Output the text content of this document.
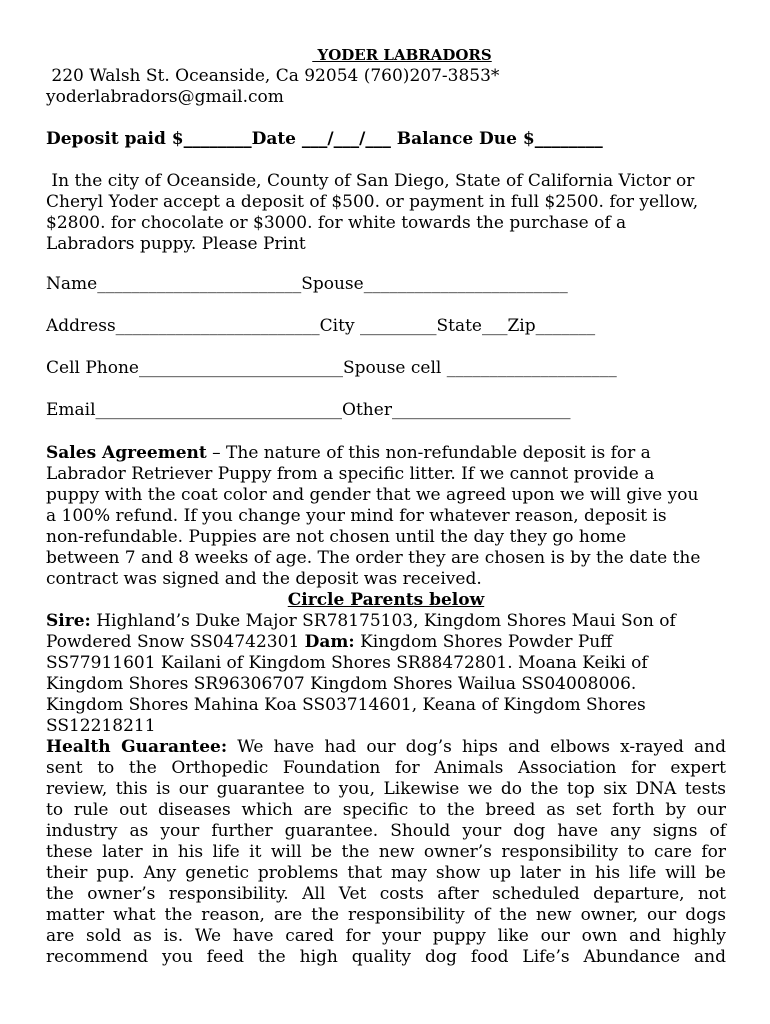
YODER LABRADORS
220 Walsh St. Oceanside, Ca 92054 (760)207-3853*
yoderlabradors@gmail.com
Deposit paid $________Date ___/___/___ Balance Due $________
In the city of Oceanside, County of San Diego, State of California Victor or
Cheryl Yoder accept a deposit of $500. or payment in full $2500. for yellow,
$2800. for chocolate or $3000. for white towards the purchase of a
Labradors puppy. Please Print
Name________________________Spouse________________________
Address________________________City _________State___Zip_______
Cell Phone________________________Spouse cell ____________________
Email_____________________________Other_____________________
Sales Agreement – The nature of this non-refundable deposit is for a
Labrador Retriever Puppy from a specific litter. If we cannot provide a
puppy with the coat color and gender that we agreed upon we will give you
a 100% refund. If you change your mind for whatever reason, deposit is
non-refundable. Puppies are not chosen until the day they go home
between 7 and 8 weeks of age. The order they are chosen is by the date the
contract was signed and the deposit was received.
Circle Parents below
Sire: Highland’s Duke Major SR78175103, Kingdom Shores Maui Son of
Powdered Snow SS04742301 Dam: Kingdom Shores Powder Puff
SS77911601 Kailani of Kingdom Shores SR88472801. Moana Keiki of
Kingdom Shores SR96306707 Kingdom Shores Wailua SS04008006.
Kingdom Shores Mahina Koa SS03714601, Keana of Kingdom Shores
SS12218211
Health Guarantee: We have had our dog’s hips and elbows x-rayed and
sent to the Orthopedic Foundation for Animals Association for expert
review, this is our guarantee to you, Likewise we do the top six DNA tests
to rule out diseases which are specific to the breed as set forth by our
industry as your further guarantee. Should your dog have any signs of
these later in his life it will be the new owner’s responsibility to care for
their pup. Any genetic problems that may show up later in his life will be
the owner’s responsibility. All Vet costs after scheduled departure, not
matter what the reason, are the responsibility of the new owner, our dogs
are sold as is. We have cared for your puppy like our own and highly
recommend you feed the high quality dog food Life’s Abundance and
